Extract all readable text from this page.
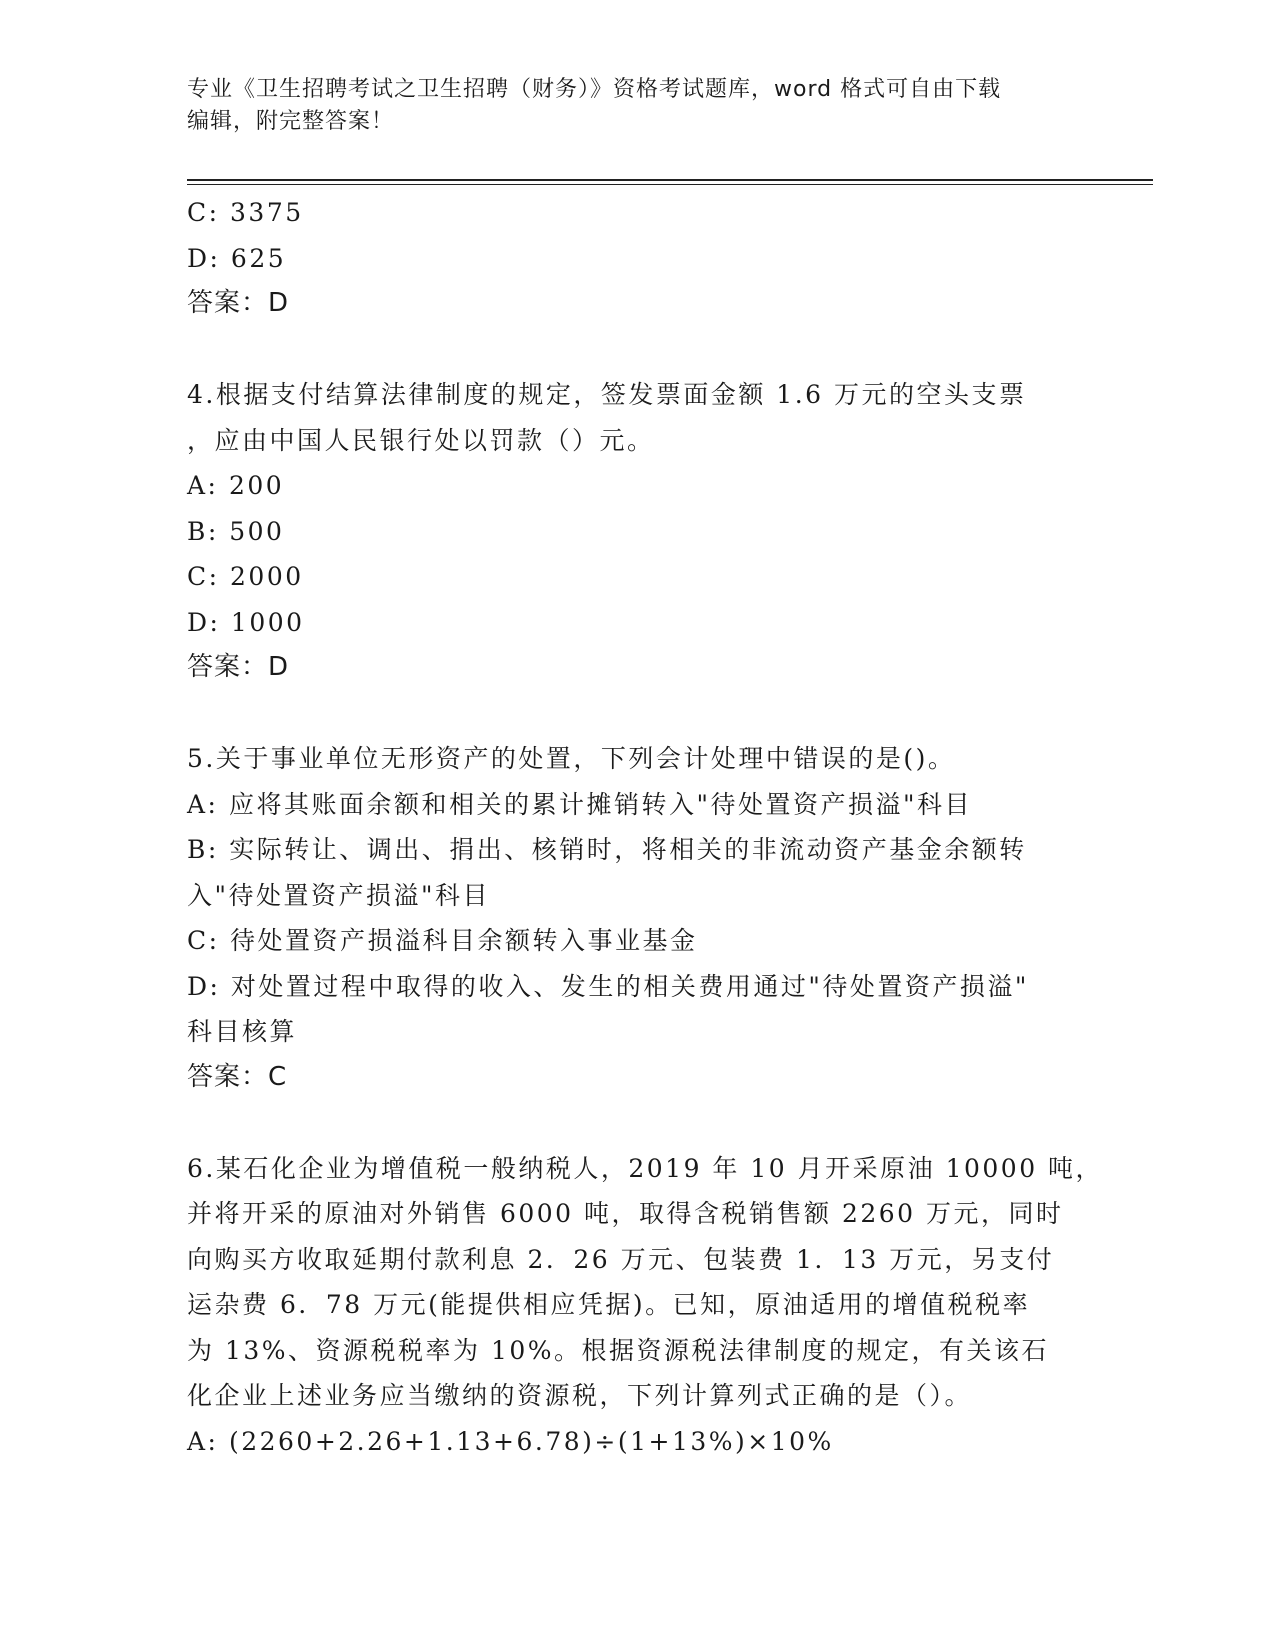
专业《卫生招聘考试之卫生招聘（财务）》资格考试题库，word 格式可自由下载
编辑，附完整答案！
C: 3375
D: 625
答案：D
4.根据支付结算法律制度的规定，签发票面金额 1.6 万元的空头支票
，应由中国人民银行处以罚款（）元。
A: 200
B: 500
C: 2000
D: 1000
答案：D
5.关于事业单位无形资产的处置，下列会计处理中错误的是()。
A: 应将其账面余额和相关的累计摊销转入"待处置资产损溢"科目
B: 实际转让、调出、捐出、核销时，将相关的非流动资产基金余额转
入"待处置资产损溢"科目
C: 待处置资产损溢科目余额转入事业基金
D: 对处置过程中取得的收入、发生的相关费用通过"待处置资产损溢"
科目核算
答案：C
6.某石化企业为增值税一般纳税人，2019 年 10 月开采原油 10000 吨，
并将开采的原油对外销售 6000 吨，取得含税销售额 2260 万元，同时
向购买方收取延期付款利息 2．26 万元、包装费 1．13 万元，另支付
运杂费 6．78 万元(能提供相应凭据)。已知，原油适用的增值税税率
为 13%、资源税税率为 10%。根据资源税法律制度的规定，有关该石
化企业上述业务应当缴纳的资源税，下列计算列式正确的是（）。
A: (2260+2.26+1.13+6.78)÷(1+13%)×10%
